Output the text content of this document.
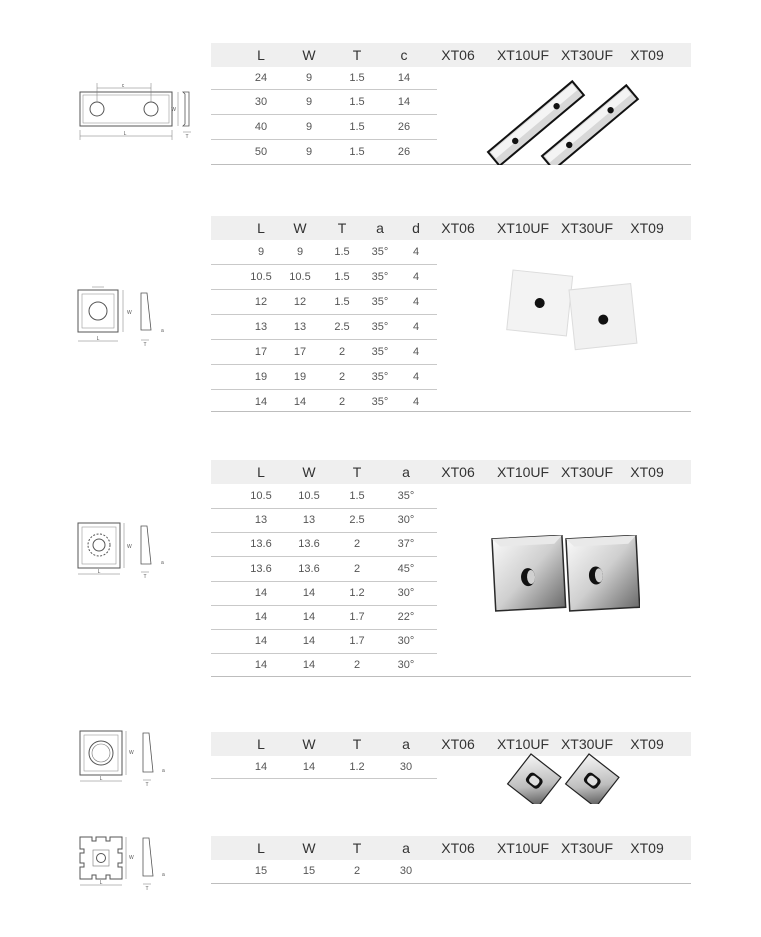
c
L
W
T
L	W	T	c	XT06	XT10UF XT30UF	XT09
24	9	1.5	14
30	9	1.5	14
40	9	1.5	26
50	9	1.5	26
L
W
T
a
L	W	T	a	d	XT06	XT10UF XT30UF	XT09
9	9	1.5	35°	4
10.5	10.5	1.5	35°	4
12	12	1.5	35°	4
13	13	2.5	35°	4
17	17	2	35°	4
19	19	2	35°	4
14	14	2	35°	4
L
W
T
a
L	W	T	a	XT06	XT10UF XT30UF	XT09
10.5	10.5	1.5	35°
13	13	2.5	30°
13.6	13.6	2	37°
13.6	13.6	2	45°
14	14	1.2	30°
14	14	1.7	22°
14	14	1.7	30°
14	14	2	30°
L
W
T
a
L	W	T	a	XT06	XT10UF XT30UF	XT09
14	14	1.2	30
L
W
T
a
L	W	T	a	XT06	XT10UF XT30UF	XT09
15	15	2	30
